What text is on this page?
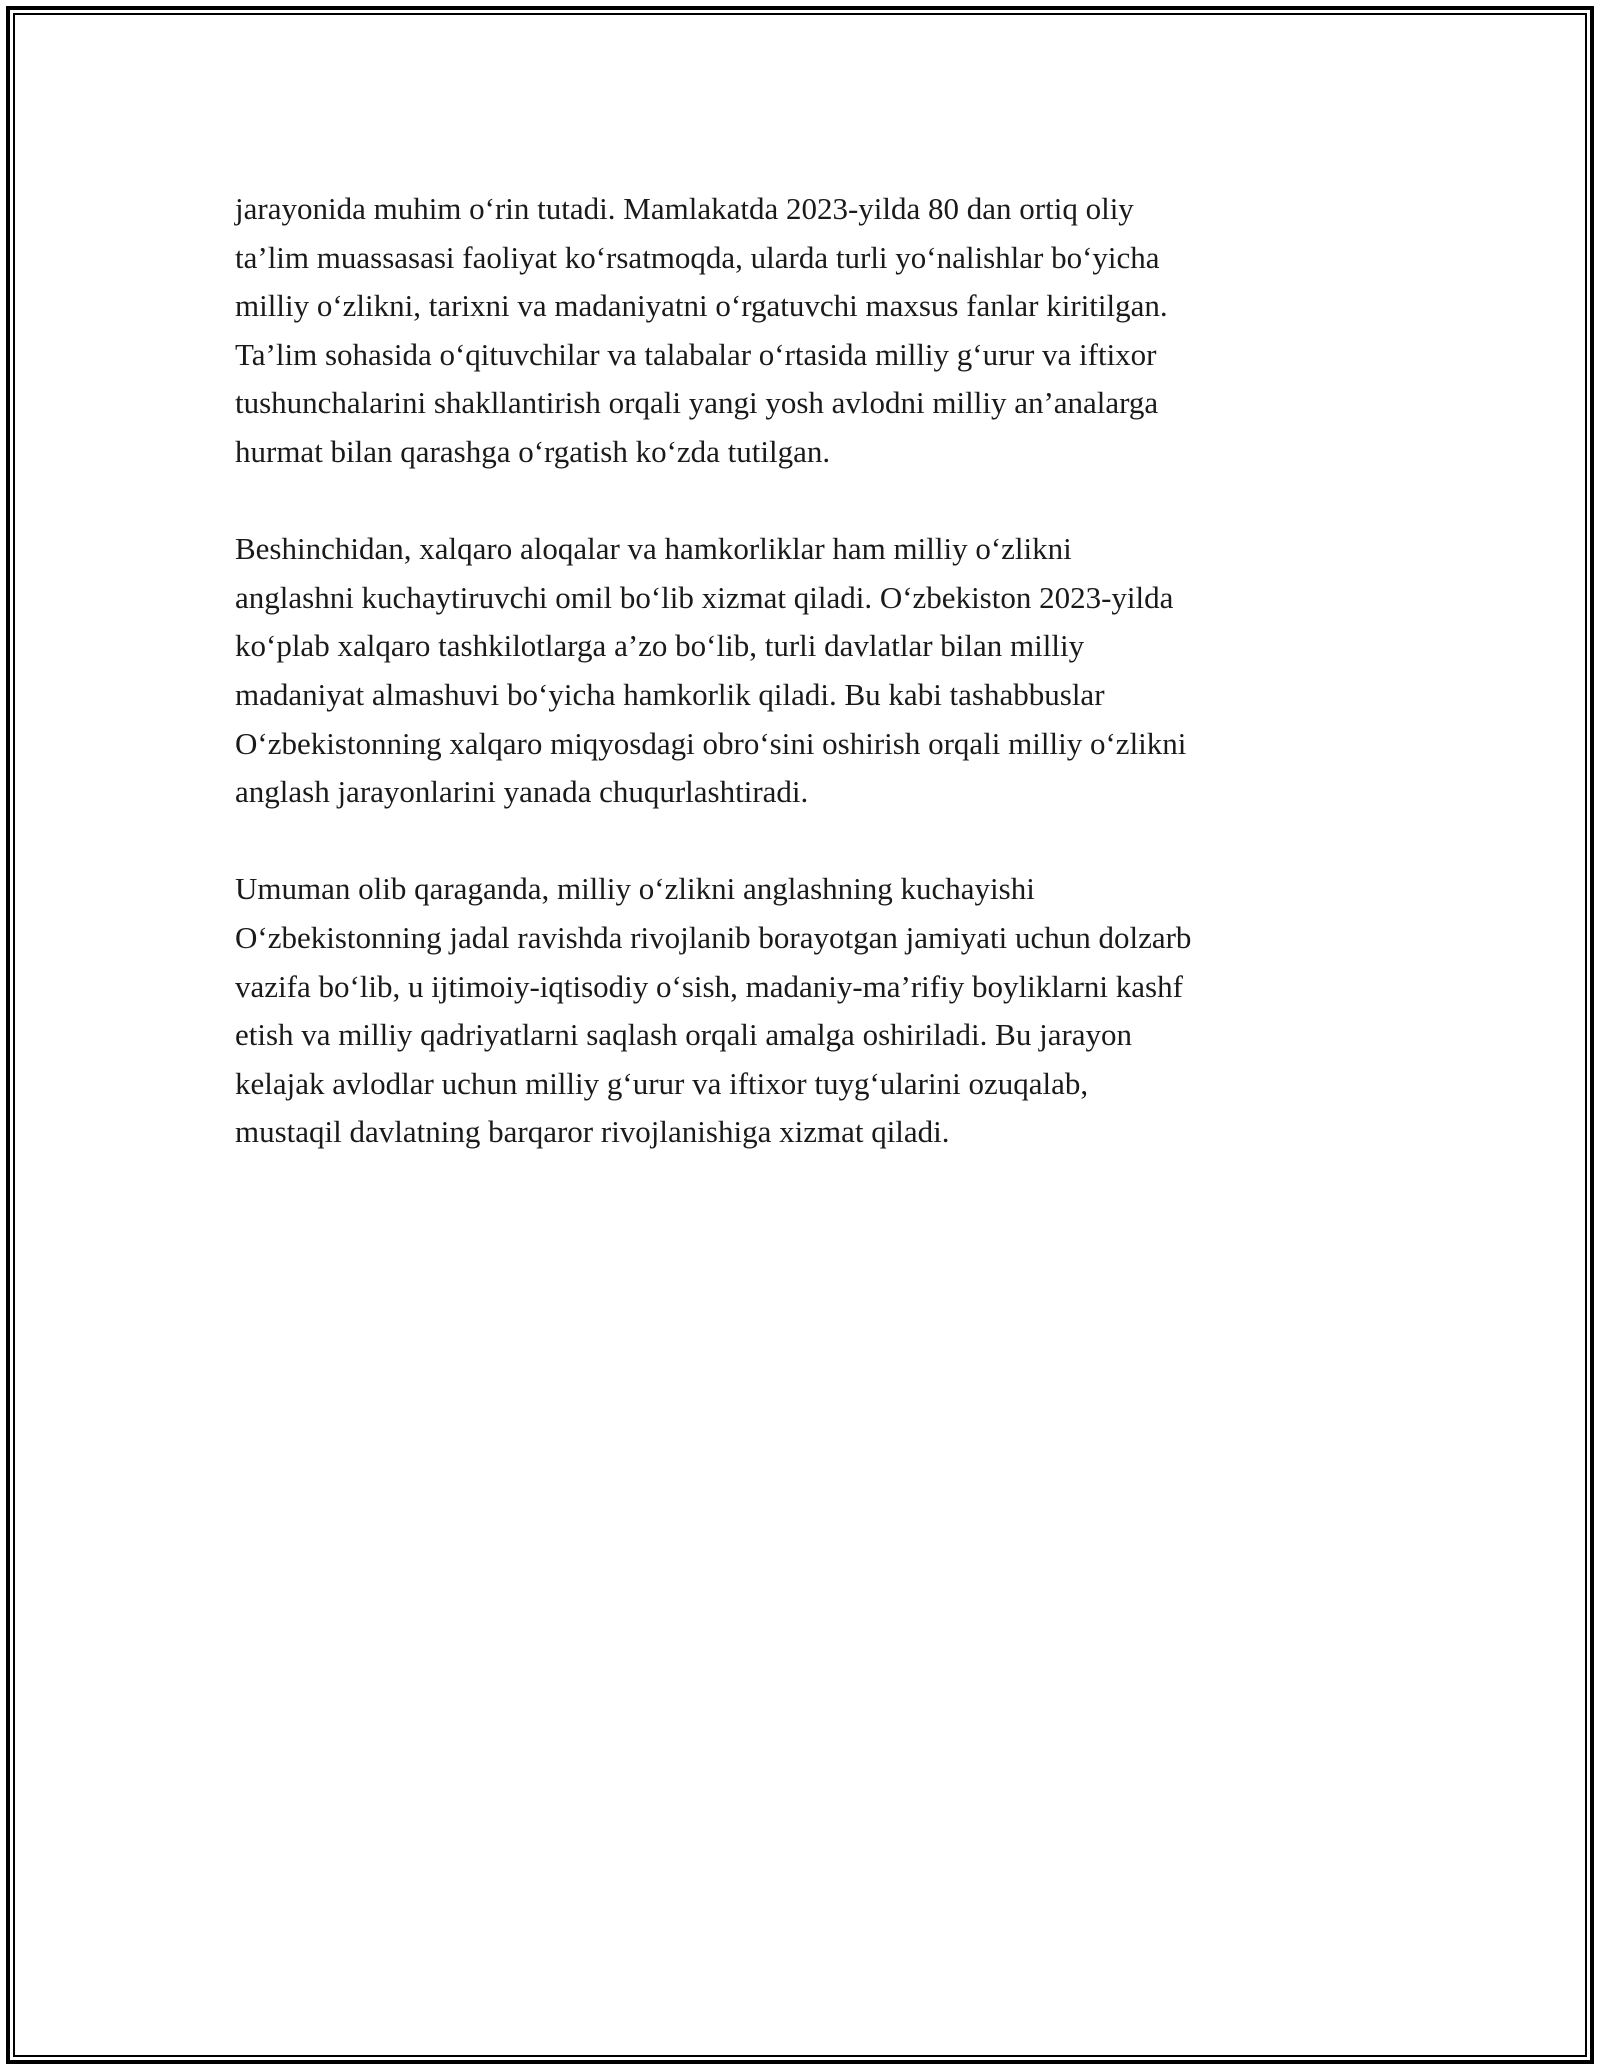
jarayonida muhim o‘rin tutadi. Mamlakatda 2023-yilda 80 dan ortiq oliy
ta’lim muassasasi faoliyat ko‘rsatmoqda, ularda turli yo‘nalishlar bo‘yicha
milliy o‘zlikni, tarixni va madaniyatni o‘rgatuvchi maxsus fanlar kiritilgan.
Ta’lim sohasida o‘qituvchilar va talabalar o‘rtasida milliy g‘urur va iftixor
tushunchalarini shakllantirish orqali yangi yosh avlodni milliy an’analarga
hurmat bilan qarashga o‘rgatish ko‘zda tutilgan.

Beshinchidan, xalqaro aloqalar va hamkorliklar ham milliy o‘zlikni
anglashni kuchaytiruvchi omil bo‘lib xizmat qiladi. O‘zbekiston 2023-yilda
ko‘plab xalqaro tashkilotlarga a’zo bo‘lib, turli davlatlar bilan milliy
madaniyat almashuvi bo‘yicha hamkorlik qiladi. Bu kabi tashabbuslar
O‘zbekistonning xalqaro miqyosdagi obro‘sini oshirish orqali milliy o‘zlikni
anglash jarayonlarini yanada chuqurlashtiradi.

Umuman olib qaraganda, milliy o‘zlikni anglashning kuchayishi
O‘zbekistonning jadal ravishda rivojlanib borayotgan jamiyati uchun dolzarb
vazifa bo‘lib, u ijtimoiy-iqtisodiy o‘sish, madaniy-ma’rifiy boyliklarni kashf
etish va milliy qadriyatlarni saqlash orqali amalga oshiriladi. Bu jarayon
kelajak avlodlar uchun milliy g‘urur va iftixor tuyg‘ularini ozuqalab,
mustaqil davlatning barqaror rivojlanishiga xizmat qiladi.
